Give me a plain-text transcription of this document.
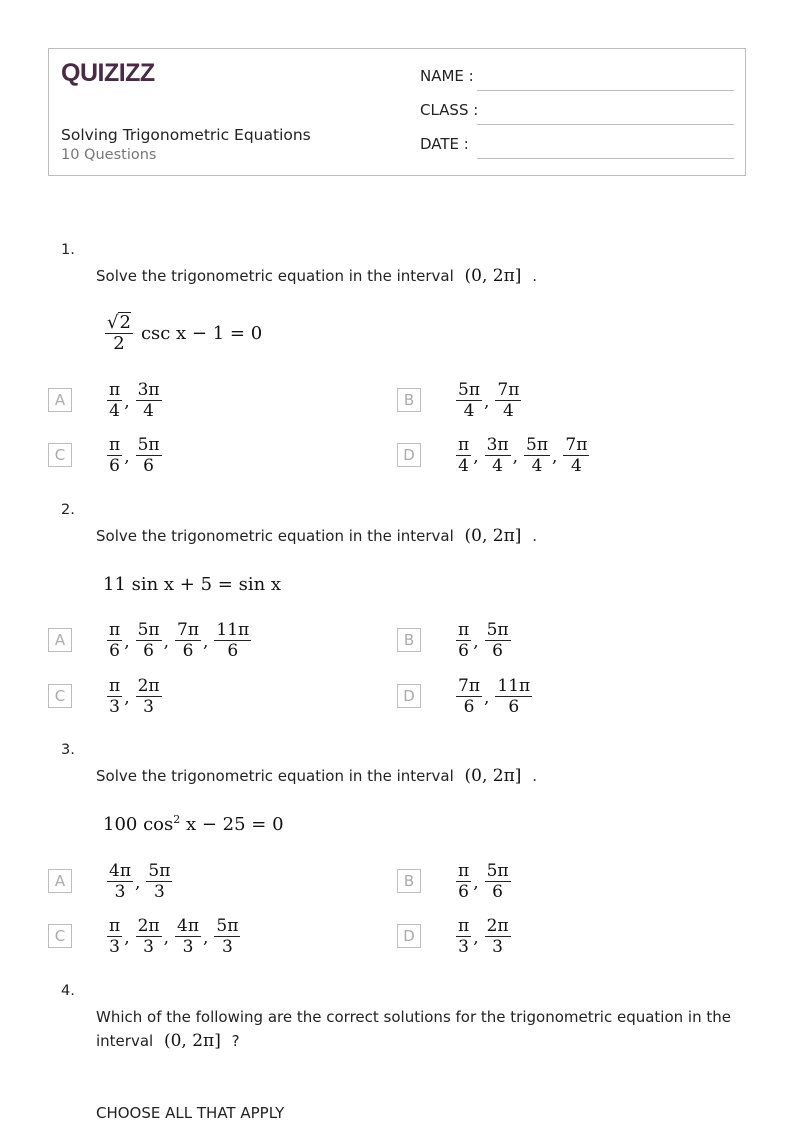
QUIZIZZ
Solving Trigonometric Equations
10 Questions
NAME :
CLASS :
DATE :
1.
Solve the trigonometric equation in the interval (0, 2π] .
$\frac{√ 2}{2}$ csc x − 1 = 0
A	$\frac{\pi}{4}$ , $\frac{3\pi}{4}$	B	$\frac{5\pi}{4}$ , $\frac{7\pi}{4}$
C	$\frac{\pi}{6}$ , $\frac{5\pi}{6}$	D	$\frac{\pi}{4}$ , $\frac{3\pi}{4}$ , $\frac{5\pi}{4}$ , $\frac{7\pi}{4}$
2.
Solve the trigonometric equation in the interval (0, 2π] .
11 sin x + 5 = sin x
A	$\frac{\pi}{6}$ , $\frac{5\pi}{6}$ , $\frac{7\pi}{6}$ , $\frac{11\pi}{6}$	B	$\frac{\pi}{6}$ , $\frac{5\pi}{6}$
C	$\frac{\pi}{3}$ , $\frac{2\pi}{3}$	D	$\frac{7\pi}{6}$ , $\frac{11\pi}{6}$
3.
Solve the trigonometric equation in the interval (0, 2π] .
100 $\cos^2 x - 25 = 0$
A	$\frac{4\pi}{3}$ , $\frac{5\pi}{3}$	B	$\frac{\pi}{6}$ , $\frac{5\pi}{6}$
C	$\frac{\pi}{3}$ , $\frac{2\pi}{3}$ , $\frac{4\pi}{3}$ , $\frac{5\pi}{3}$	D	$\frac{\pi}{3}$ , $\frac{2\pi}{3}$
4.
Which of the following are the correct solutions for the trigonometric equation in the interval (0, 2π] ?
CHOOSE ALL THAT APPLY
